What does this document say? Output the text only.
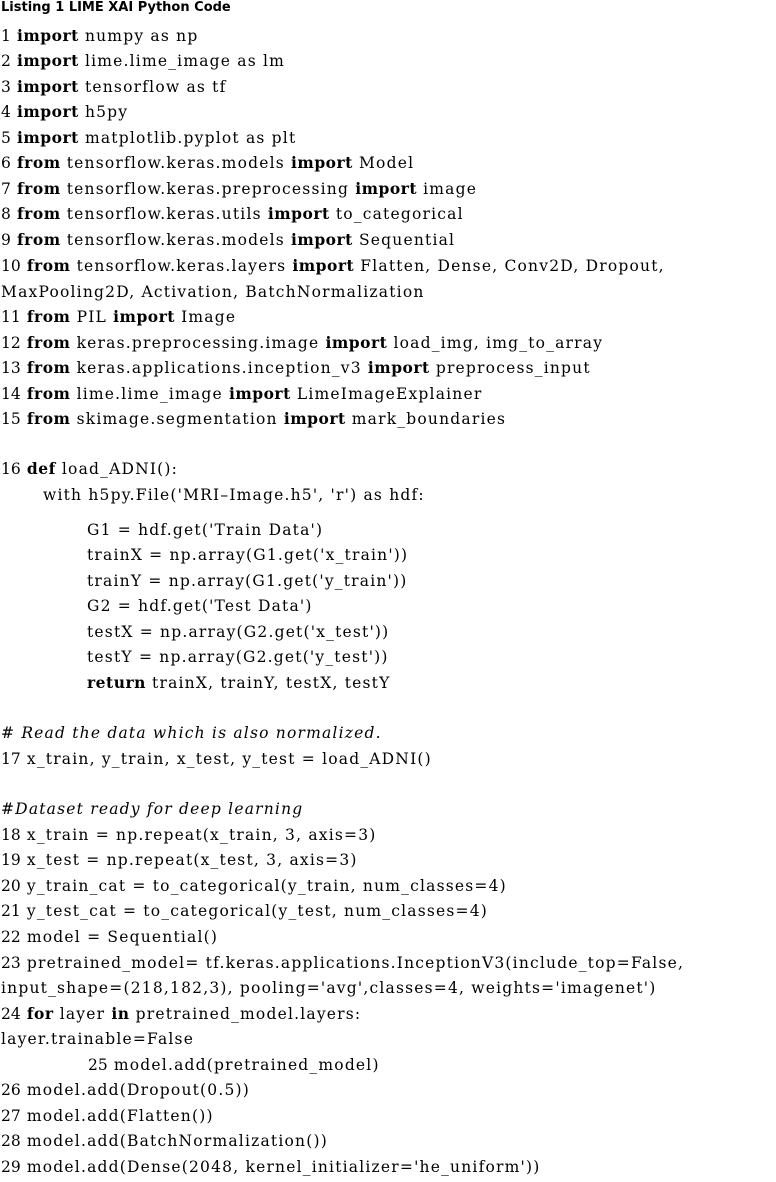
Listing 1 LIME XAI Python Code
1 import numpy as np
2 import lime.lime_image as lm
3 import tensorflow as tf
4 import h5py
5 import matplotlib.pyplot as plt
6 from tensorflow.keras.models import Model
7 from tensorflow.keras.preprocessing import image
8 from tensorflow.keras.utils import to_categorical
9 from tensorflow.keras.models import Sequential
10 from tensorflow.keras.layers import Flatten, Dense, Conv2D, Dropout,
MaxPooling2D, Activation, BatchNormalization
11 from PIL import Image
12 from keras.preprocessing.image import load_img, img_to_array
13 from keras.applications.inception_v3 import preprocess_input
14 from lime.lime_image import LimeImageExplainer
15 from skimage.segmentation import mark_boundaries
16 def load_ADNI():
with h5py.File('MRI–Image.h5', 'r') as hdf:
G1 = hdf.get('Train Data')
trainX = np.array(G1.get('x_train'))
trainY = np.array(G1.get('y_train'))
G2 = hdf.get('Test Data')
testX = np.array(G2.get('x_test'))
testY = np.array(G2.get('y_test'))
return trainX, trainY, testX, testY
# Read the data which is also normalized.
17 x_train, y_train, x_test, y_test = load_ADNI()
#Dataset ready for deep learning
18 x_train = np.repeat(x_train, 3, axis=3)
19 x_test = np.repeat(x_test, 3, axis=3)
20 y_train_cat = to_categorical(y_train, num_classes=4)
21 y_test_cat = to_categorical(y_test, num_classes=4)
22 model = Sequential()
23 pretrained_model= tf.keras.applications.InceptionV3(include_top=False,
input_shape=(218,182,3), pooling='avg',classes=4, weights='imagenet')
24 for layer in pretrained_model.layers:
layer.trainable=False
25 model.add(pretrained_model)
26 model.add(Dropout(0.5))
27 model.add(Flatten())
28 model.add(BatchNormalization())
29 model.add(Dense(2048, kernel_initializer='he_uniform'))
